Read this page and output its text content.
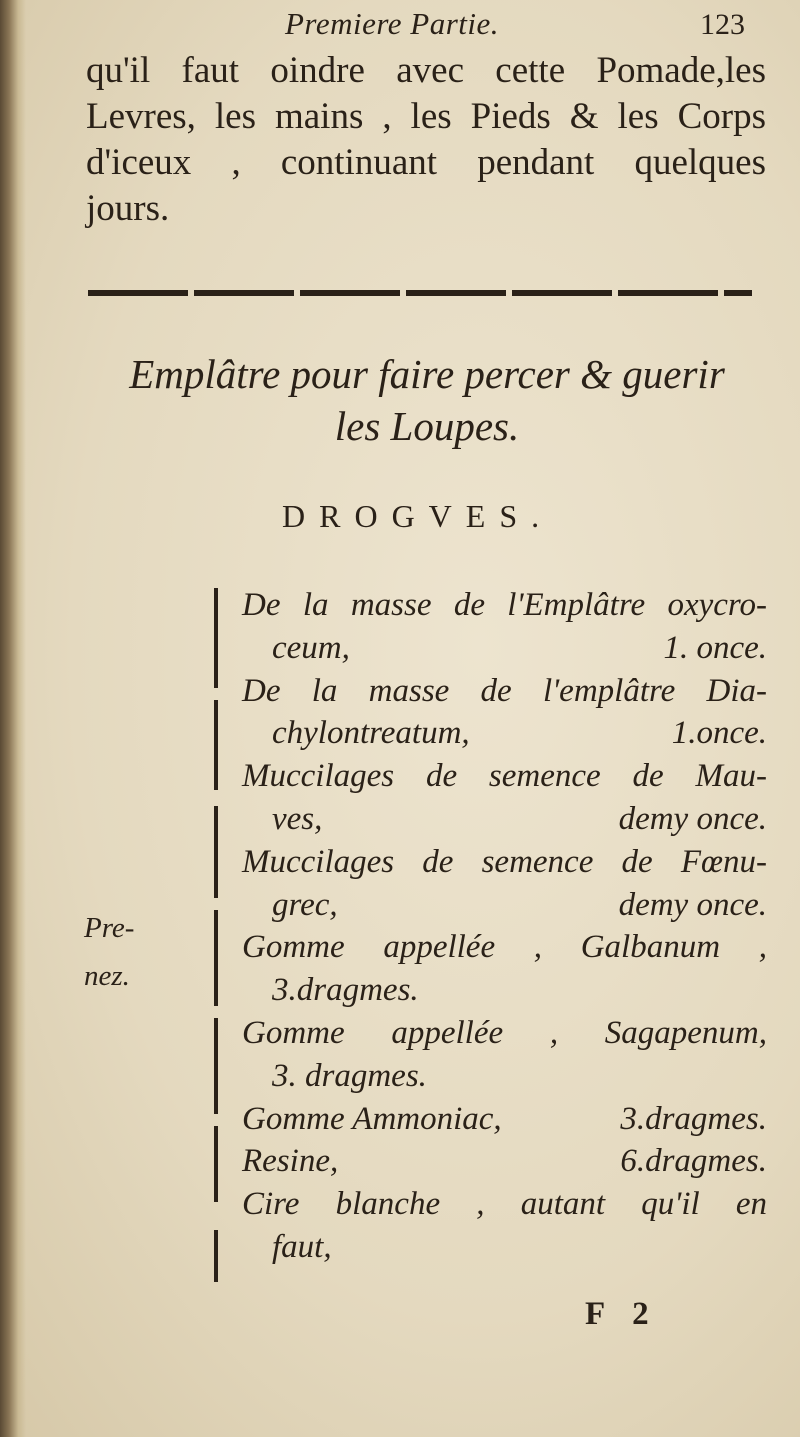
Premiere Partie.	123
qu'il faut oindre avec cette Pomade,les
Levres, les mains , les Pieds & les Corps
d'iceux , continuant pendant quelques
jours.
Emplâtre pour faire percer & guerir
les Loupes.
DROGVES.
Pre-
nez.
De la masse de l'Emplâtre oxycro-
ceum,	1. once.
De la masse de l'emplâtre Dia-
chylontreatum,	1.once.
Muccilages de semence de Mau-
ves,	demy once.
Muccilages de semence de Fœnu-
grec,	demy once.
Gomme appellée , Galbanum ,
3.dragmes.
Gomme appellée , Sagapenum,
3. dragmes.
Gomme Ammoniac,	3.dragmes.
Resine,	6.dragmes.
Cire blanche , autant qu'il en
faut,
F 2
